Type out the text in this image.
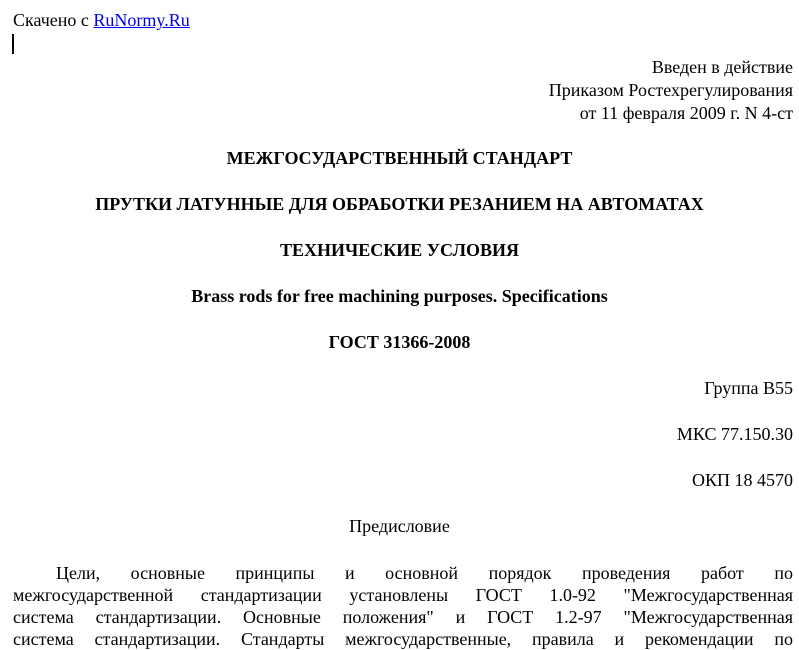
Скачено с RuNormy.Ru
Введен в действие
Приказом Ростехрегулирования
от 11 февраля 2009 г. N 4-ст
МЕЖГОСУДАРСТВЕННЫЙ СТАНДАРТ
ПРУТКИ ЛАТУННЫЕ ДЛЯ ОБРАБОТКИ РЕЗАНИЕМ НА АВТОМАТАХ
ТЕХНИЧЕСКИЕ УСЛОВИЯ
Brass rods for free machining purposes. Specifications
ГОСТ 31366-2008
Группа В55
МКС 77.150.30
ОКП 18 4570
Предисловие
Цели, основные принципы и основной порядок проведения работ по
межгосударственной стандартизации установлены ГОСТ 1.0-92 "Межгосударственная
система стандартизации. Основные положения" и ГОСТ 1.2-97 "Межгосударственная
система стандартизации. Стандарты межгосударственные, правила и рекомендации по
